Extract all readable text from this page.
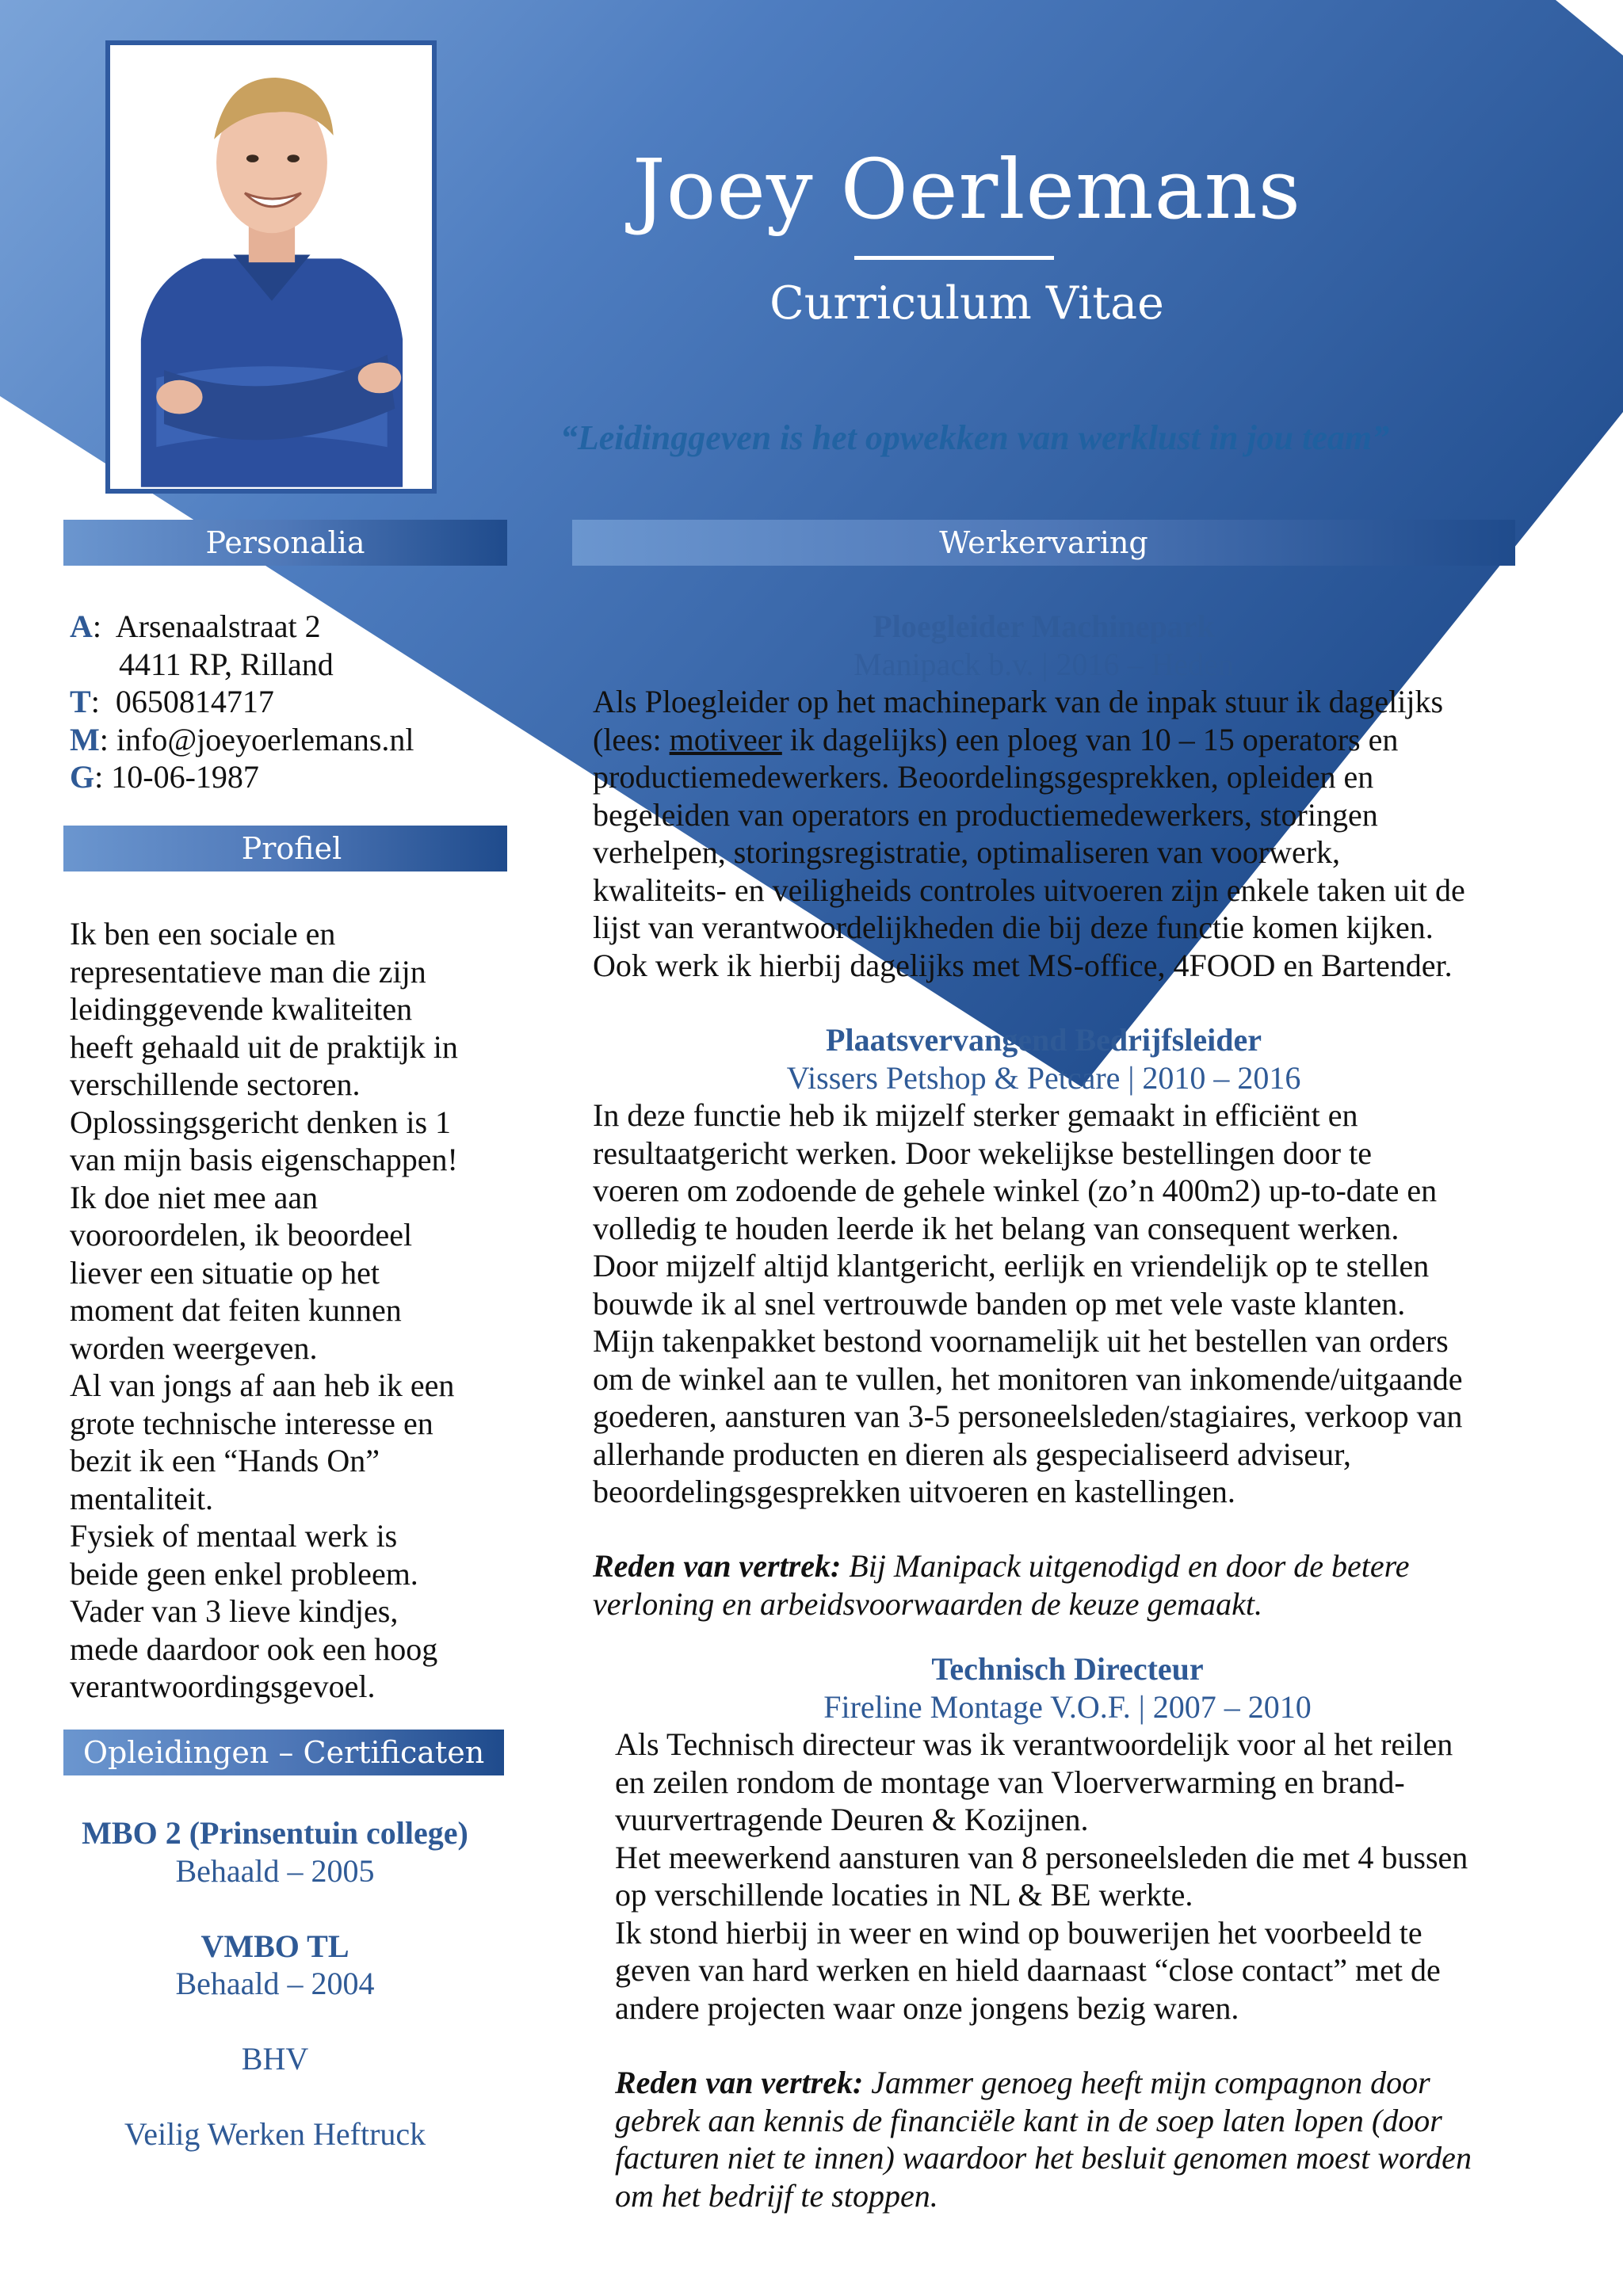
Joey Oerlemans
Curriculum Vitae
“Leidinggeven is het opwekken van werklust in jou team”
Personalia	Werkervaring
Profiel
Opleidingen – Certificaten
A:  Arsenaalstraat 2
4411 RP, Rilland
T:  0650814717
M: info@joeyoerlemans.nl
G: 10-06-1987

Ik ben een sociale en

representatieve man die zijn

leidinggevende kwaliteiten

heeft gehaald uit de praktijk in

verschillende sectoren.

Oplossingsgericht denken is 1

van mijn basis eigenschappen!

Ik doe niet mee aan

vooroordelen, ik beoordeel

liever een situatie op het

moment dat feiten kunnen

worden weergeven.

Al van jongs af aan heb ik een

grote technische interesse en

bezit ik een “Hands On”

mentaliteit.

Fysiek of mentaal werk is

beide geen enkel probleem.

Vader van 3 lieve kindjes,

mede daardoor ook een hoog

verantwoordingsgevoel.

MBO 2 (Prinsentuin college)
Behaald – 2005
VMBO TL
Behaald – 2004
BHV
Veilig Werken Heftruck
Ploegleider Machinepark
Manipack b.v. | 2016 – Heden

Als Ploegleider op het machinepark van de inpak stuur ik dagelijks

(lees: motiveer ik dagelijks) een ploeg van 10 – 15 operators en

productiemedewerkers. Beoordelingsgesprekken, opleiden en

begeleiden van operators en productiemedewerkers, storingen

verhelpen, storingsregistratie, optimaliseren van voorwerk,

kwaliteits- en veiligheids controles uitvoeren zijn enkele taken uit de

lijst van verantwoordelijkheden die bij deze functie komen kijken.

Ook werk ik hierbij dagelijks met MS-office, 4FOOD en Bartender.

Plaatsvervangend Bedrijfsleider
Vissers Petshop & Petcare | 2010 – 2016

In deze functie heb ik mijzelf sterker gemaakt in efficiënt en

resultaatgericht werken. Door wekelijkse bestellingen door te

voeren om zodoende de gehele winkel (zo’n 400m2) up-to-date en

volledig te houden leerde ik het belang van consequent werken.

Door mijzelf altijd klantgericht, eerlijk en vriendelijk op te stellen

bouwde ik al snel vertrouwde banden op met vele vaste klanten.

Mijn takenpakket bestond voornamelijk uit het bestellen van orders

om de winkel aan te vullen, het monitoren van inkomende/uitgaande

goederen, aansturen van 3-5 personeelsleden/stagiaires, verkoop van

allerhande producten en dieren als gespecialiseerd adviseur,

beoordelingsgesprekken uitvoeren en kastellingen.

Reden van vertrek: Bij Manipack uitgenodigd en door de betere

verloning en arbeidsvoorwaarden de keuze gemaakt.

Technisch Directeur
Fireline Montage V.O.F. | 2007 – 2010

Als Technisch directeur was ik verantwoordelijk voor al het reilen

en zeilen rondom de montage van Vloerverwarming en brand-

vuurvertragende Deuren & Kozijnen.

Het meewerkend aansturen van 8 personeelsleden die met 4 bussen

op verschillende locaties in NL & BE werkte.

Ik stond hierbij in weer en wind op bouwerijen het voorbeeld te

geven van hard werken en hield daarnaast “close contact” met de

andere projecten waar onze jongens bezig waren.

Reden van vertrek: Jammer genoeg heeft mijn compagnon door

gebrek aan kennis de financiële kant in de soep laten lopen (door

facturen niet te innen) waardoor het besluit genomen moest worden

om het bedrijf te stoppen.
